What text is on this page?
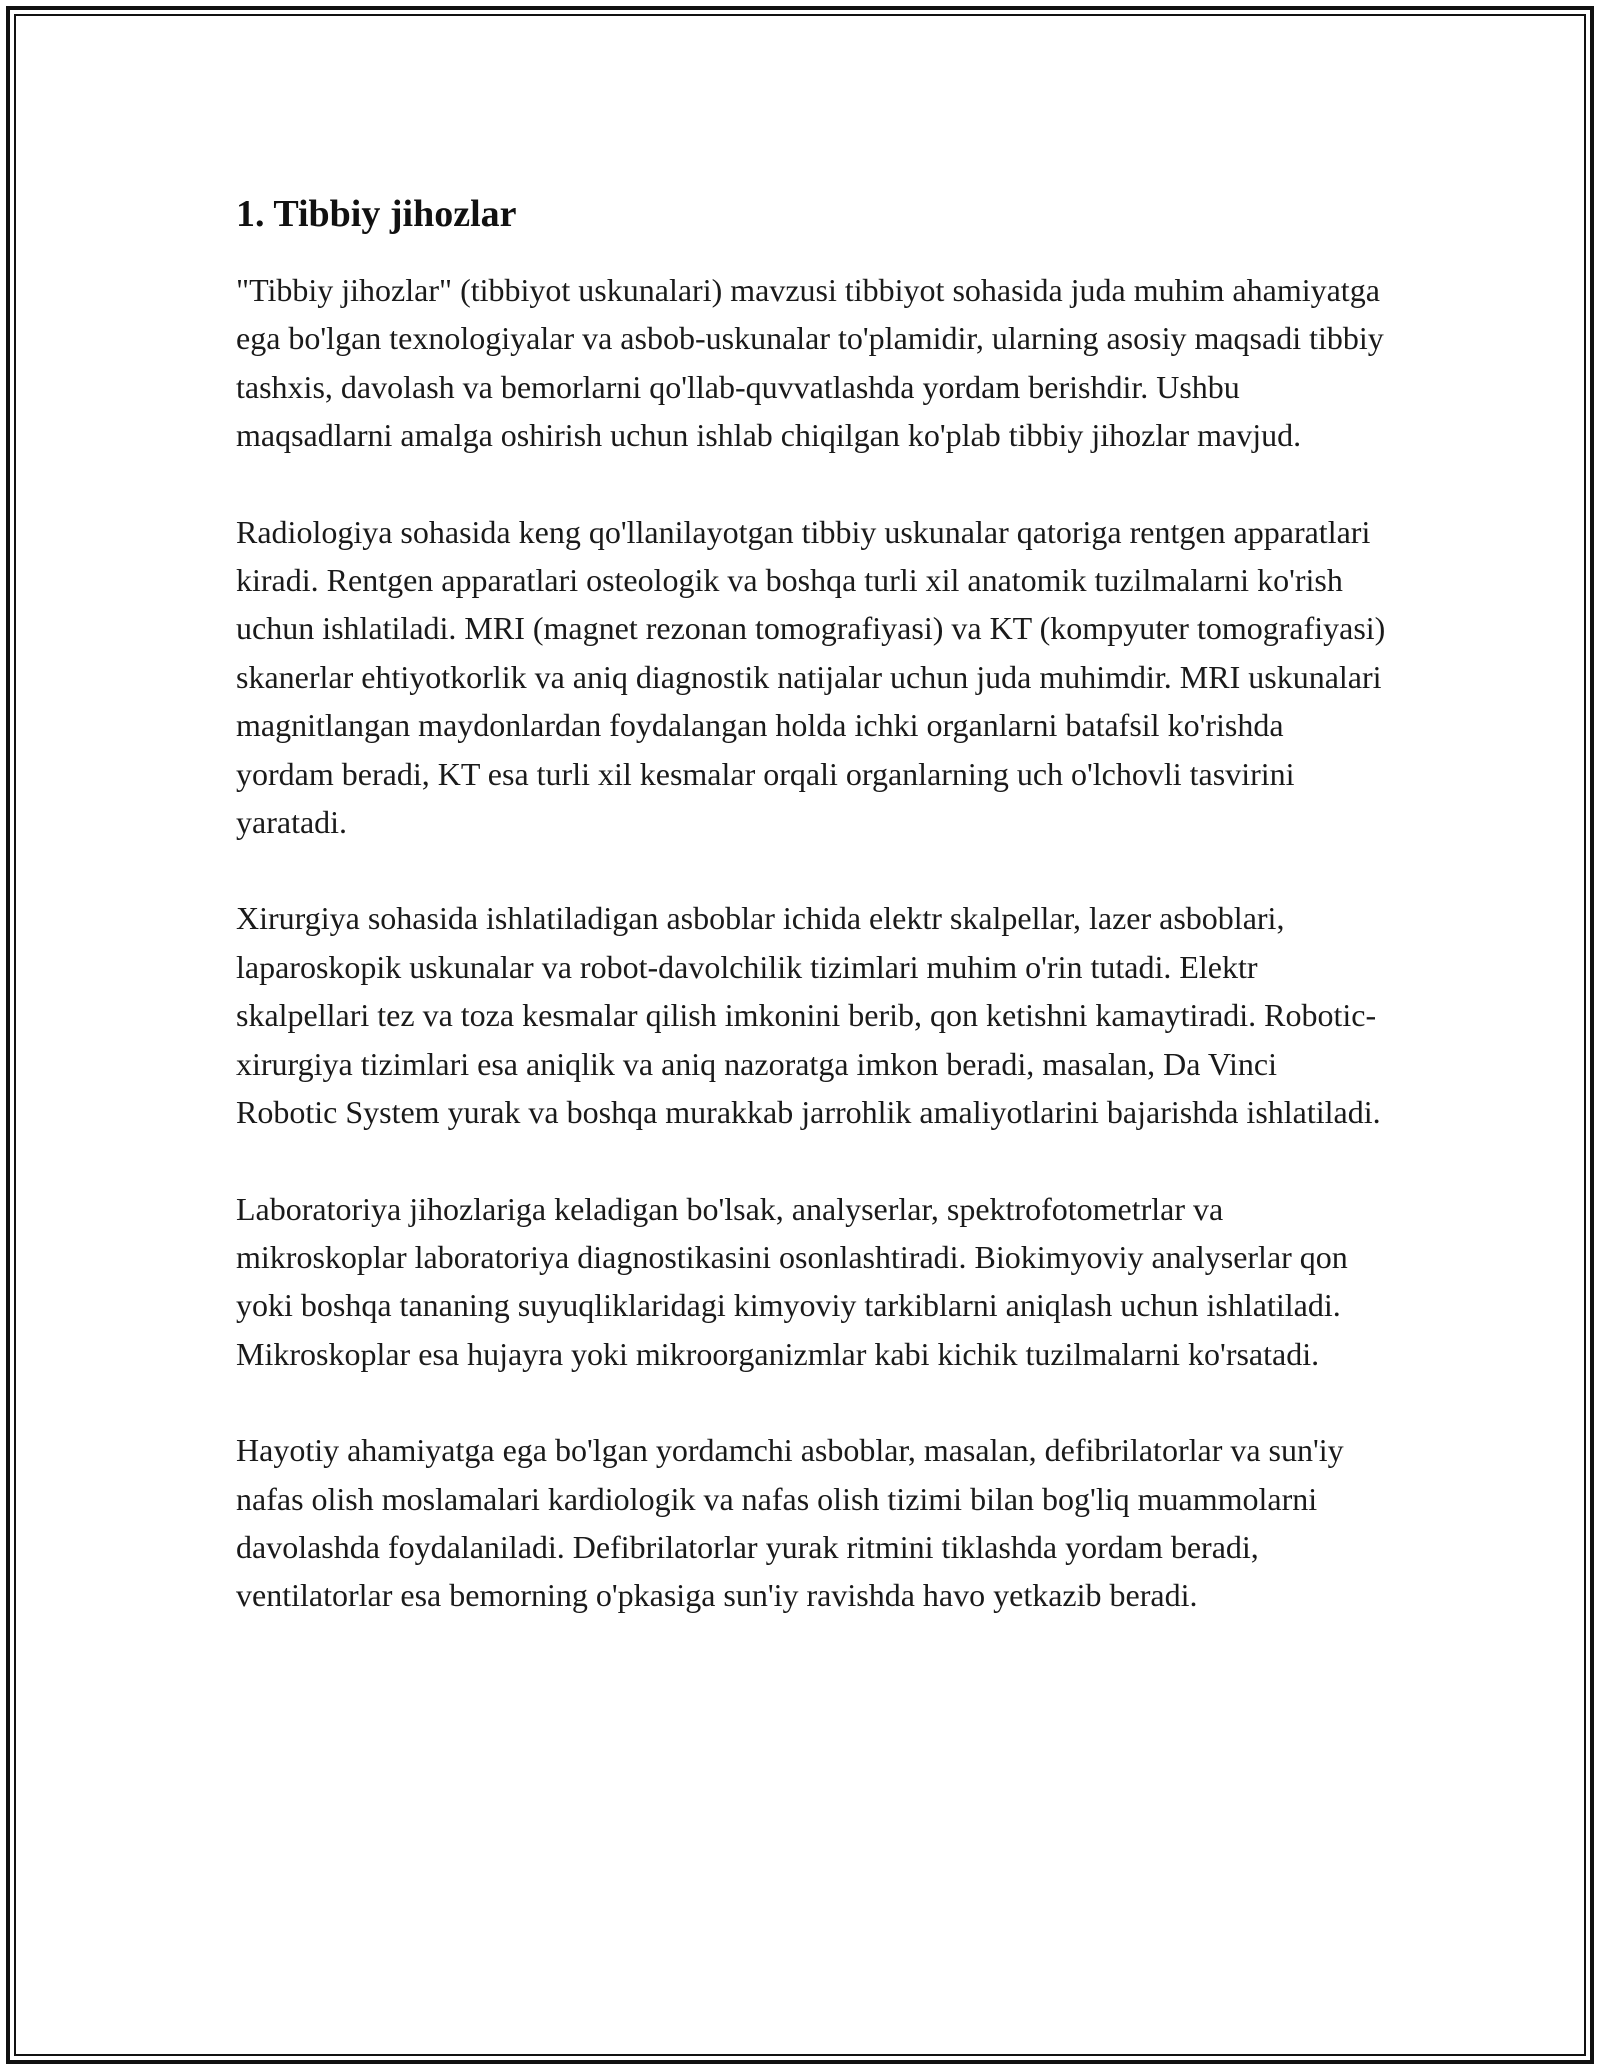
1. Tibbiy jihozlar

"Tibbiy jihozlar" (tibbiyot uskunalari) mavzusi tibbiyot sohasida juda muhim ahamiyatga ega bo'lgan texnologiyalar va asbob-uskunalar to'plamidir, ularning asosiy maqsadi tibbiy tashxis, davolash va bemorlarni qo'llab-quvvatlashda yordam berishdir. Ushbu maqsadlarni amalga oshirish uchun ishlab chiqilgan ko'plab tibbiy jihozlar mavjud.

Radiologiya sohasida keng qo'llanilayotgan tibbiy uskunalar qatoriga rentgen apparatlari kiradi. Rentgen apparatlari osteologik va boshqa turli xil anatomik tuzilmalarni ko'rish uchun ishlatiladi. MRI (magnet rezonan tomografiyasi) va KT (kompyuter tomografiyasi) skanerlar ehtiyotkorlik va aniq diagnostik natijalar uchun juda muhimdir. MRI uskunalari magnitlangan maydonlardan foydalangan holda ichki organlarni batafsil ko'rishda yordam beradi, KT esa turli xil kesmalar orqali organlarning uch o'lchovli tasvirini yaratadi.

Xirurgiya sohasida ishlatiladigan asboblar ichida elektr skalpellar, lazer asboblari, laparoskopik uskunalar va robot-davolchilik tizimlari muhim o'rin tutadi. Elektr skalpellari tez va toza kesmalar qilish imkonini berib, qon ketishni kamaytiradi. Robotic-xirurgiya tizimlari esa aniqlik va aniq nazoratga imkon beradi, masalan, Da Vinci Robotic System yurak va boshqa murakkab jarrohlik amaliyotlarini bajarishda ishlatiladi.

Laboratoriya jihozlariga keladigan bo'lsak, analyserlar, spektrofotometrlar va mikroskoplar laboratoriya diagnostikasini osonlashtiradi. Biokimyoviy analyserlar qon yoki boshqa tananing suyuqliklaridagi kimyoviy tarkiblarni aniqlash uchun ishlatiladi. Mikroskoplar esa hujayra yoki mikroorganizmlar kabi kichik tuzilmalarni ko'rsatadi.

Hayotiy ahamiyatga ega bo'lgan yordamchi asboblar, masalan, defibrilatorlar va sun'iy nafas olish moslamalari kardiologik va nafas olish tizimi bilan bog'liq muammolarni davolashda foydalaniladi. Defibrilatorlar yurak ritmini tiklashda yordam beradi, ventilatorlar esa bemorning o'pkasiga sun'iy ravishda havo yetkazib beradi.
